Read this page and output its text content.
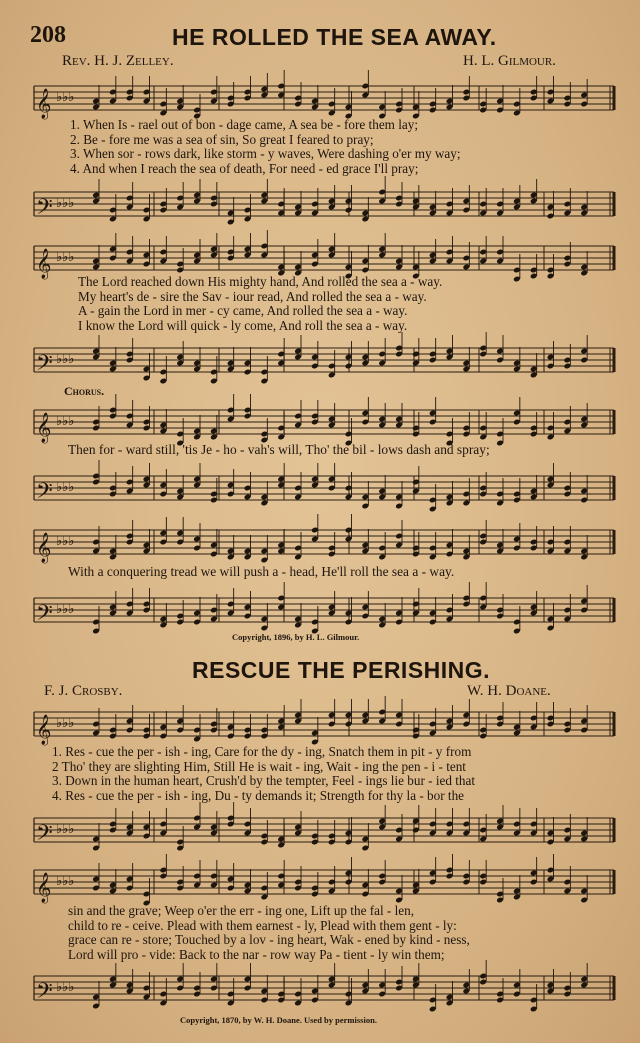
208	HE ROLLED THE SEA AWAY.
Rev. H. J. Zelley.	H. L. Gilmour.
𝄞 ♭♭♭
1. When Is - rael out of bon - dage came, A sea be - fore them lay;
2. Be - fore me was a sea of sin, So great I feared to pray;
3. When sor - rows dark, like storm - y waves, Were dashing o'er my way;
4. And when I reach the sea of death, For need - ed grace I'll pray;
𝄢 ♭♭♭
𝄞 ♭♭♭
The Lord reached down His mighty hand, And rolled the sea a - way.
My heart's de - sire the Sav - iour read, And rolled the sea a - way.
A - gain the Lord in mer - cy came, And rolled the sea a - way.
I know the Lord will quick - ly come, And roll the sea a - way.
𝄢 ♭♭♭
Chorus.
𝄞 ♭♭♭
Then for - ward still, 'tis Je - ho - vah's will, Tho' the bil - lows dash and spray;
𝄢 ♭♭♭
𝄞 ♭♭♭
With a conquering tread we will push a - head, He'll roll the sea a - way.
𝄢 ♭♭♭
Copyright, 1896, by H. L. Gilmour.
RESCUE THE PERISHING.
F. J. Crosby.	W. H. Doane.
𝄞 ♭♭♭
1. Res - cue the per - ish - ing, Care for the dy - ing, Snatch them in pit - y from
2 Tho' they are slighting Him, Still He is wait - ing, Wait - ing the pen - i - tent
3. Down in the human heart, Crush'd by the tempter, Feel - ings lie bur - ied that
4. Res - cue the per - ish - ing, Du - ty demands it; Strength for thy la - bor the
𝄢 ♭♭♭
𝄞 ♭♭♭
sin and the grave; Weep o'er the err - ing one, Lift up the fal - len,
child to re - ceive. Plead with them earnest - ly, Plead with them gent - ly:
grace can re - store; Touched by a lov - ing heart, Wak - ened by kind - ness,
Lord will pro - vide: Back to the nar - row way Pa - tient - ly win them;
𝄢 ♭♭♭
Copyright, 1870, by W. H. Doane. Used by permission.
